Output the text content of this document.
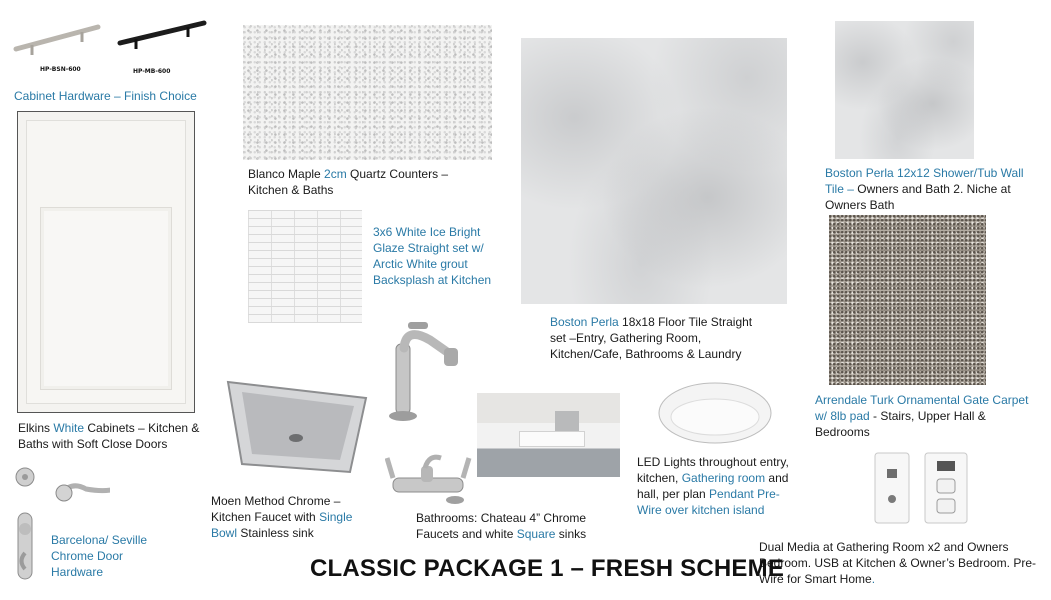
HP-BSN-600	HP-MB-600
Cabinet Hardware – Finish Choice
Elkins White Cabinets – Kitchen & Baths with Soft Close Doors
Barcelona/ Seville Chrome Door Hardware
Blanco Maple 2cm Quartz Counters – Kitchen & Baths
3x6 White Ice Bright Glaze Straight set w/ Arctic White grout Backsplash at Kitchen
Boston Perla 18x18 Floor Tile Straight set –Entry, Gathering Room, Kitchen/Cafe, Bathrooms & Laundry
Boston Perla 12x12 Shower/Tub Wall Tile – Owners and Bath 2. Niche at Owners Bath
Arrendale Turk Ornamental Gate Carpet w/ 8lb pad - Stairs, Upper Hall & Bedrooms
Moen Method Chrome – Kitchen Faucet with Single Bowl Stainless sink
Bathrooms: Chateau 4” Chrome Faucets and white Square sinks
LED Lights throughout entry, kitchen, Gathering room and hall, per plan Pendant Pre-Wire over kitchen island
Dual Media at Gathering Room x2 and Owners Bedroom. USB at Kitchen & Owner’s Bedroom. Pre-Wire for Smart Home.
CLASSIC PACKAGE 1 – FRESH SCHEME
